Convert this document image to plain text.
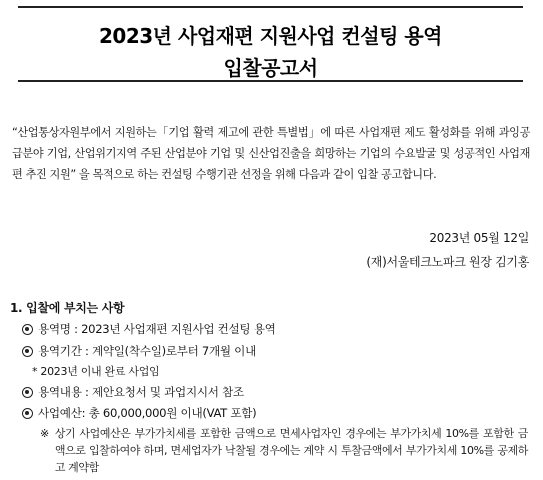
2023년 사업재편 지원사업 컨설팅 용역
입찰공고서
“산업통상자원부에서 지원하는「기업 활력 제고에 관한 특별법」에 따른 사업재편 제도 활성화를 위해 과잉공급분야 기업, 산업위기지역 주된 산업분야 기업 및 신산업진출을 희망하는 기업의 수요발굴 및 성공적인 사업재편 추진 지원” 을 목적으로 하는 컨설팅 수행기관 선정을 위해 다음과 같이 입찰 공고합니다.
2023년 05월 12일
(재)서울테크노파크 원장 김기홍
1. 입찰에 부치는 사항
용역명 : 2023년 사업재편 지원사업 컨설팅 용역
용역기간 : 계약일(착수일)로부터 7개월 이내
* 2023년 이내 완료 사업임
용역내용 : 제안요청서 및 과업지시서 참조
사업예산: 총 60,000,000원 이내(VAT 포함)
※ 상기 사업예산은 부가가치세를 포함한 금액으로 면세사업자인 경우에는 부가가치세 10%를 포함한 금액으로 입찰하여야 하며, 면세업자가 낙찰될 경우에는 계약 시 투찰금액에서 부가가치세 10%를 공제하고 계약함
